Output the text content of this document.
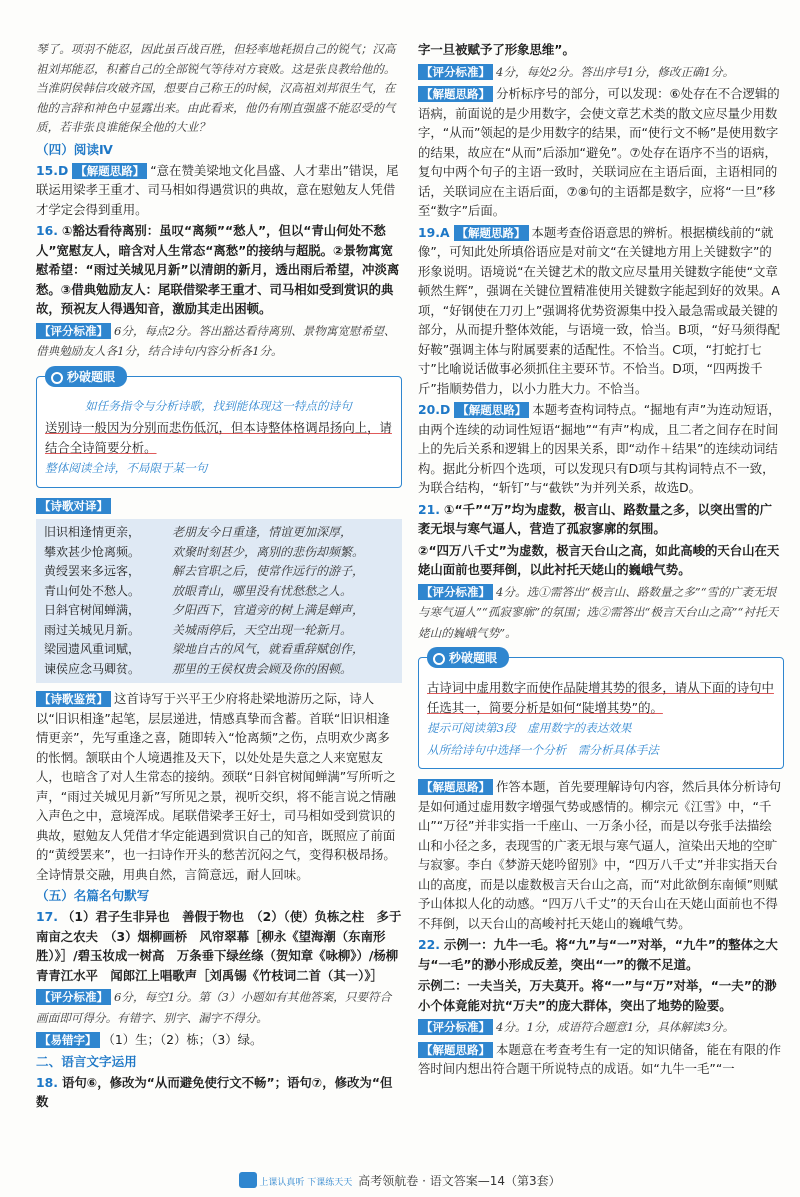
琴了。项羽不能忍，因此虽百战百胜，但轻率地耗损自己的锐气；汉高祖刘邦能忍，积蓄自己的全部锐气等待对方衰败。这是张良教给他的。当淮阴侯韩信攻破齐国，想要自己称王的时候，汉高祖刘邦很生气，在他的言辞和神色中显露出来。由此看来，他仍有刚直强盛不能忍受的气质，若非张良谁能保全他的大业？

（四）阅读Ⅳ

15.D 【解题思路】 “意在赞美梁地文化昌盛、人才辈出”错误，尾联运用梁孝王重才、司马相如得遇赏识的典故，意在慰勉友人凭借才学定会得到重用。

16. ①豁达看待离别：虽叹“离频”“愁人”，但以“青山何处不愁人”宽慰友人，暗含对人生常态“离愁”的接纳与超脱。②景物寓宽慰希望：“雨过关城见月新”以清朗的新月，透出雨后希望，冲淡离愁。③借典勉励友人：尾联借梁孝王重才、司马相如受到赏识的典故，预祝友人得遇知音，激励其走出困顿。

【评分标准】 6分，每点2分。答出豁达看待离别、景物寓宽慰希望、借典勉励友人各1分，结合诗句内容分析各1分。

秒破题眼

如任务指令与分析诗歌，找到能体现这一特点的诗句

送别诗一般因为分别而悲伤低沉，但本诗整体格调昂扬向上，请结合全诗简要分析。

整体阅读全诗，不局限于某一句

【诗歌对译】

旧识相逢情更亲，	老朋友今日重逢，情谊更加深厚，
攀欢甚少怆离频。	欢聚时刻甚少，离别的悲伤却频繁。
黄绶罢来多远客，	解去官职之后，使常作远行的游子，
青山何处不愁人。	放眼青山，哪里没有忧愁愁之人。
日斜官树闻蝉满，	夕阳西下，官道旁的树上满是蝉声，
雨过关城见月新。	关城雨停后，天空出现一轮新月。
梁园遗风重词赋，	梁地自古的风气，就看重辞赋创作，
谏侯应念马卿贫。	那里的王侯权贵会顾及你的困顿。

【诗歌鉴赏】 这首诗写于兴平王少府将赴梁地游历之际，诗人以“旧识相逢”起笔，层层递进，情感真挚而含蓄。首联“旧识相逢情更亲”，先写重逢之喜，随即转入“怆离频”之伤，点明欢少离多的怅惘。颔联由个人境遇推及天下，以处处是失意之人来宽慰友人，也暗含了对人生常态的接纳。颈联“日斜官树闻蝉满”写所听之声，“雨过关城见月新”写所见之景，视听交织，将不能言说之情融入声色之中，意境浑成。尾联借梁孝王好士，司马相如受到赏识的典故，慰勉友人凭借才华定能遇到赏识自己的知音，既照应了前面的“黄绶罢来”，也一扫诗作开头的愁苦沉闷之气，变得积极昂扬。全诗情景交融，用典自然，言简意远，耐人回味。

（五）名篇名句默写

17. （1）君子生非异也　善假于物也　（2）（使）负栋之柱　多于南亩之农夫　（3）烟柳画桥　风帘翠幕［柳永《望海潮（东南形胜）》］/碧玉妆成一树高　万条垂下绿丝绦（贺知章《咏柳》）/杨柳青青江水平　闻郎江上唱歌声［刘禹锡《竹枝词二首（其一）》］

【评分标准】 6分，每空1分。第（3）小题如有其他答案，只要符合画面即可得分。有错字、别字、漏字不得分。

【易错字】 （1）生；（2）栋；（3）绿。

二、语言文字运用

18. 语句⑥，修改为“从而避免使行文不畅”；语句⑦，修改为“但数

字一旦被赋予了形象思维”。

【评分标准】 4分，每处2分。答出序号1分，修改正确1分。

【解题思路】 分析标序号的部分，可以发现：⑥处存在不合逻辑的语病，前面说的是少用数字，会使文章艺术类的散文应尽量少用数字，“从而”领起的是少用数字的结果，而“使行文不畅”是使用数字的结果，故应在“从而”后添加“避免”。⑦处存在语序不当的语病，复句中两个句子的主语一致时，关联词应在主语后面，主语相同的话，关联词应在主语后面，⑦⑧句的主语都是数字，应将“一旦”移至“数字”后面。

19.A 【解题思路】 本题考查俗语意思的辨析。根据横线前的“就像”，可知此处所填俗语应是对前文“在关键地方用上关键数字”的形象说明。语境说“在关键艺术的散文应尽量用关键数字能使“文章顿然生辉”，强调在关键位置精准使用关键数字能起到好的效果。A项，“好钢使在刀刃上”强调将优势资源集中投入最急需或最关键的部分，从而提升整体效能，与语境一致，恰当。B项，“好马须得配好鞍”强调主体与附属要素的适配性。不恰当。C项，“打蛇打七寸”比喻说话做事必须抓住主要环节。不恰当。D项，“四两拨千斤”指顺势借力，以小力胜大力。不恰当。

20.D 【解题思路】 本题考查构词特点。“掘地有声”为连动短语，由两个连续的动词性短语“掘地”“有声”构成，且二者之间存在时间上的先后关系和逻辑上的因果关系，即“动作＋结果”的连续动词结构。据此分析四个选项，可以发现只有D项与其构词特点不一致，为联合结构，“斩钉”与“截铁”为并列关系，故选D。

21. ①“千”“万”均为虚数，极言山、路数量之多，以突出雪的广袤无垠与寒气逼人，营造了孤寂寥廓的氛围。

②“四万八千丈”为虚数，极言天台山之高，如此高峻的天台山在天姥山面前也要拜倒，以此衬托天姥山的巍峨气势。

【评分标准】 4分。选①需答出“极言山、路数量之多”“雪的广袤无垠与寒气逼人”“孤寂寥廓”的氛围；选②需答出“极言天台山之高”“衬托天姥山的巍峨气势”。

秒破题眼

古诗词中虚用数字而使作品陡增其势的很多，请从下面的诗句中任选其一，简要分析是如何“陡增其势”的。

提示可阅读第3段　虚用数字的表达效果

从所给诗句中选择一个分析　需分析具体手法

【解题思路】 作答本题，首先要理解诗句内容，然后具体分析诗句是如何通过虚用数字增强气势或感情的。柳宗元《江雪》中，“千山”“万径”并非实指一千座山、一万条小径，而是以夸张手法描绘山和小径之多，表现雪的广袤无垠与寒气逼人，渲染出天地的空旷与寂寥。李白《梦游天姥吟留别》中，“四万八千丈”并非实指天台山的高度，而是以虚数极言天台山之高，而“对此欲倒东南倾”则赋予山体拟人化的动感。“四万八千丈”的天台山在天姥山面前也不得不拜倒，以天台山的高峻衬托天姥山的巍峨气势。

22. 示例一：九牛一毛。将“九”与“一”对举，“九牛”的整体之大与“一毛”的渺小形成反差，突出“一”的微不足道。

示例二：一夫当关，万夫莫开。将“一”与“万”对举，“一夫”的渺小个体竟能对抗“万夫”的庞大群体，突出了地势的险要。

【评分标准】 4分。1分，成语符合题意1分，具体解读3分。

【解题思路】 本题意在考查考生有一定的知识储备，能在有限的作答时间内想出符合题干所说特点的成语。如“九牛一毛”“一

上课认真听 下课练天天 高考领航卷 · 语文答案—14（第3套）
